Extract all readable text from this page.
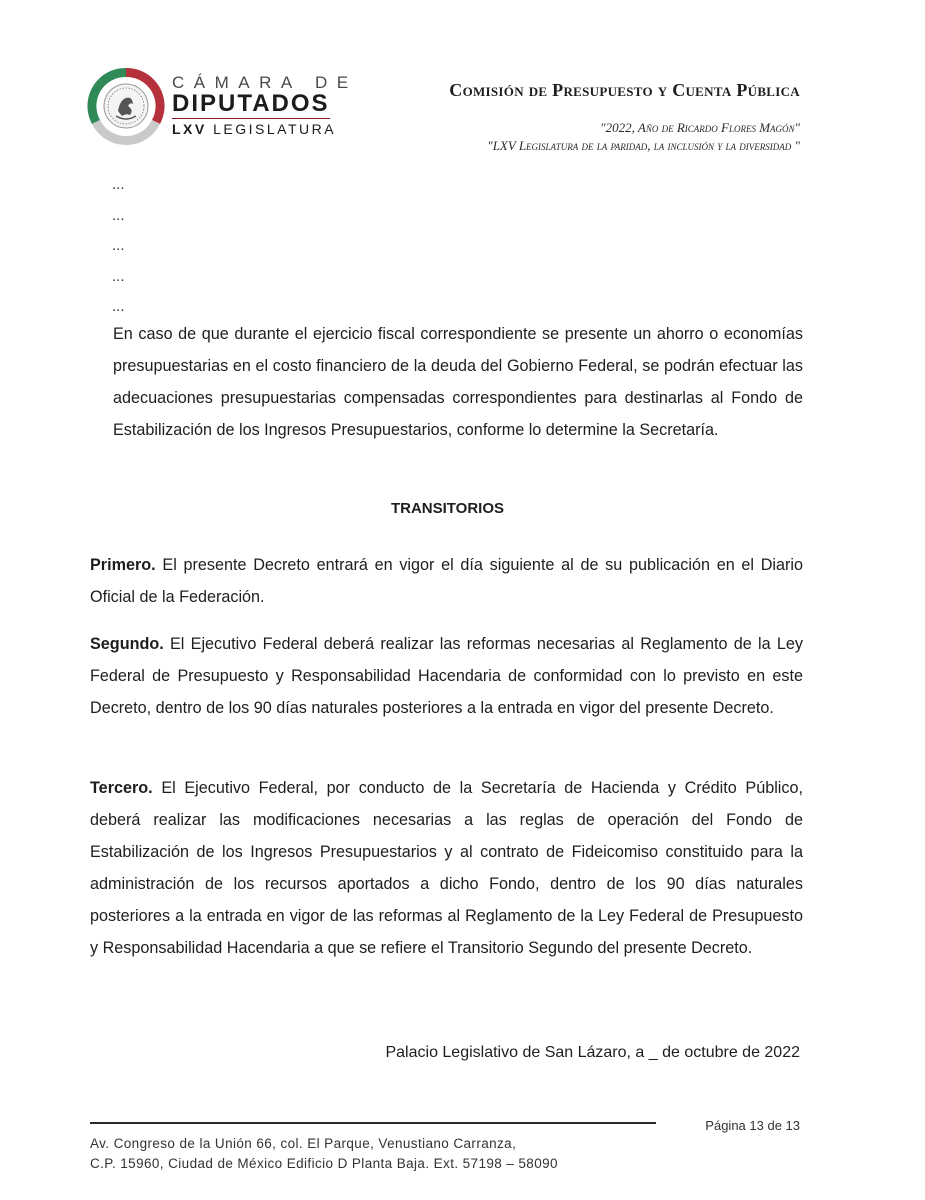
CÁMARA DE
DIPUTADOS
LXV LEGISLATURA
Comisión de Presupuesto y Cuenta Pública
"2022, Año de Ricardo Flores Magón"
"LXV Legislatura de la paridad, la inclusión y la diversidad "
...
...
...
...
...
En caso de que durante el ejercicio fiscal correspondiente se presente un ahorro o economías presupuestarias en el costo financiero de la deuda del Gobierno Federal, se podrán efectuar las adecuaciones presupuestarias compensadas correspondientes para destinarlas al Fondo de Estabilización de los Ingresos Presupuestarios, conforme lo determine la Secretaría.
TRANSITORIOS
Primero. El presente Decreto entrará en vigor el día siguiente al de su publicación en el Diario Oficial de la Federación.
Segundo. El Ejecutivo Federal deberá realizar las reformas necesarias al Reglamento de la Ley Federal de Presupuesto y Responsabilidad Hacendaria de conformidad con lo previsto en este Decreto, dentro de los 90 días naturales posteriores a la entrada en vigor del presente Decreto.
Tercero. El Ejecutivo Federal, por conducto de la Secretaría de Hacienda y Crédito Público, deberá realizar las modificaciones necesarias a las reglas de operación del Fondo de Estabilización de los Ingresos Presupuestarios y al contrato de Fideicomiso constituido para la administración de los recursos aportados a dicho Fondo, dentro de los 90 días naturales posteriores a la entrada en vigor de las reformas al Reglamento de la Ley Federal de Presupuesto y Responsabilidad Hacendaria a que se refiere el Transitorio Segundo del presente Decreto.
Palacio Legislativo de San Lázaro, a _ de octubre de 2022
Página 13 de 13
Av. Congreso de la Unión 66, col. El Parque, Venustiano Carranza,
C.P. 15960, Ciudad de México Edificio D Planta Baja. Ext. 57198 – 58090
